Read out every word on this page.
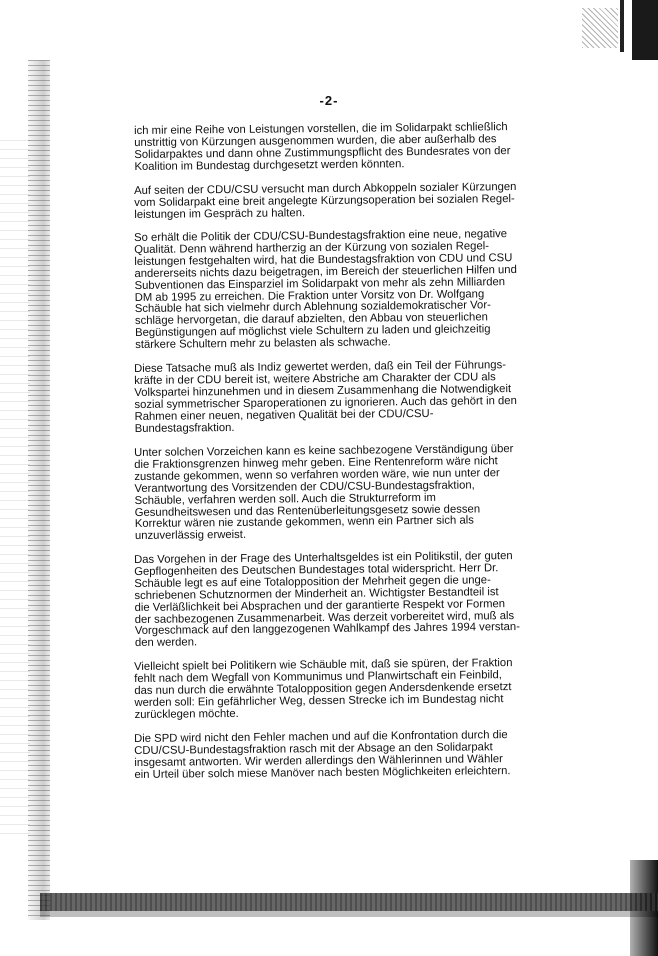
-2-

ich mir eine Reihe von Leistungen vorstellen, die im Solidarpakt schließlich
unstrittig von Kürzungen ausgenommen wurden, die aber außerhalb des
Solidarpaktes und dann ohne Zustimmungspflicht des Bundesrates von der
Koalition im Bundestag durchgesetzt werden könnten.

Auf seiten der CDU/CSU versucht man durch Abkoppeln sozialer Kürzungen
vom Solidarpakt eine breit angelegte Kürzungsoperation bei sozialen Regel-
leistungen im Gespräch zu halten.

So erhält die Politik der CDU/CSU-Bundestagsfraktion eine neue, negative
Qualität. Denn während hartherzig an der Kürzung von sozialen Regel-
leistungen festgehalten wird, hat die Bundestagsfraktion von CDU und CSU
andererseits nichts dazu beigetragen, im Bereich der steuerlichen Hilfen und
Subventionen das Einsparziel im Solidarpakt von mehr als zehn Milliarden
DM ab 1995 zu erreichen. Die Fraktion unter Vorsitz von Dr. Wolfgang
Schäuble hat sich vielmehr durch Ablehnung sozialdemokratischer Vor-
schläge hervorgetan, die darauf abzielten, den Abbau von steuerlichen
Begünstigungen auf möglichst viele Schultern zu laden und gleichzeitig
stärkere Schultern mehr zu belasten als schwache.

Diese Tatsache muß als Indiz gewertet werden, daß ein Teil der Führungs-
kräfte in der CDU bereit ist, weitere Abstriche am Charakter der CDU als
Volkspartei hinzunehmen und in diesem Zusammenhang die Notwendigkeit
sozial symmetrischer Sparoperationen zu ignorieren. Auch das gehört in den
Rahmen einer neuen, negativen Qualität bei der CDU/CSU-
Bundestagsfraktion.

Unter solchen Vorzeichen kann es keine sachbezogene Verständigung über
die Fraktionsgrenzen hinweg mehr geben. Eine Rentenreform wäre nicht
zustande gekommen, wenn so verfahren worden wäre, wie nun unter der
Verantwortung des Vorsitzenden der CDU/CSU-Bundestagsfraktion,
Schäuble, verfahren werden soll. Auch die Strukturreform im
Gesundheitswesen und das Rentenüberleitungsgesetz sowie dessen
Korrektur wären nie zustande gekommen, wenn ein Partner sich als
unzuverlässig erweist.

Das Vorgehen in der Frage des Unterhaltsgeldes ist ein Politikstil, der guten
Gepflogenheiten des Deutschen Bundestages total widerspricht. Herr Dr.
Schäuble legt es auf eine Totalopposition der Mehrheit gegen die unge-
schriebenen Schutznormen der Minderheit an. Wichtigster Bestandteil ist
die Verläßlichkeit bei Absprachen und der garantierte Respekt vor Formen
der sachbezogenen Zusammenarbeit. Was derzeit vorbereitet wird, muß als
Vorgeschmack auf den langgezogenen Wahlkampf des Jahres 1994 verstan-
den werden.

Vielleicht spielt bei Politikern wie Schäuble mit, daß sie spüren, der Fraktion
fehlt nach dem Wegfall von Kommunimus und Planwirtschaft ein Feinbild,
das nun durch die erwähnte Totalopposition gegen Andersdenkende ersetzt
werden soll: Ein gefährlicher Weg, dessen Strecke ich im Bundestag nicht
zurücklegen möchte.

Die SPD wird nicht den Fehler machen und auf die Konfrontation durch die
CDU/CSU-Bundestagsfraktion rasch mit der Absage an den Solidarpakt
insgesamt antworten. Wir werden allerdings den Wählerinnen und Wähler
ein Urteil über solch miese Manöver nach besten Möglichkeiten erleichtern.
